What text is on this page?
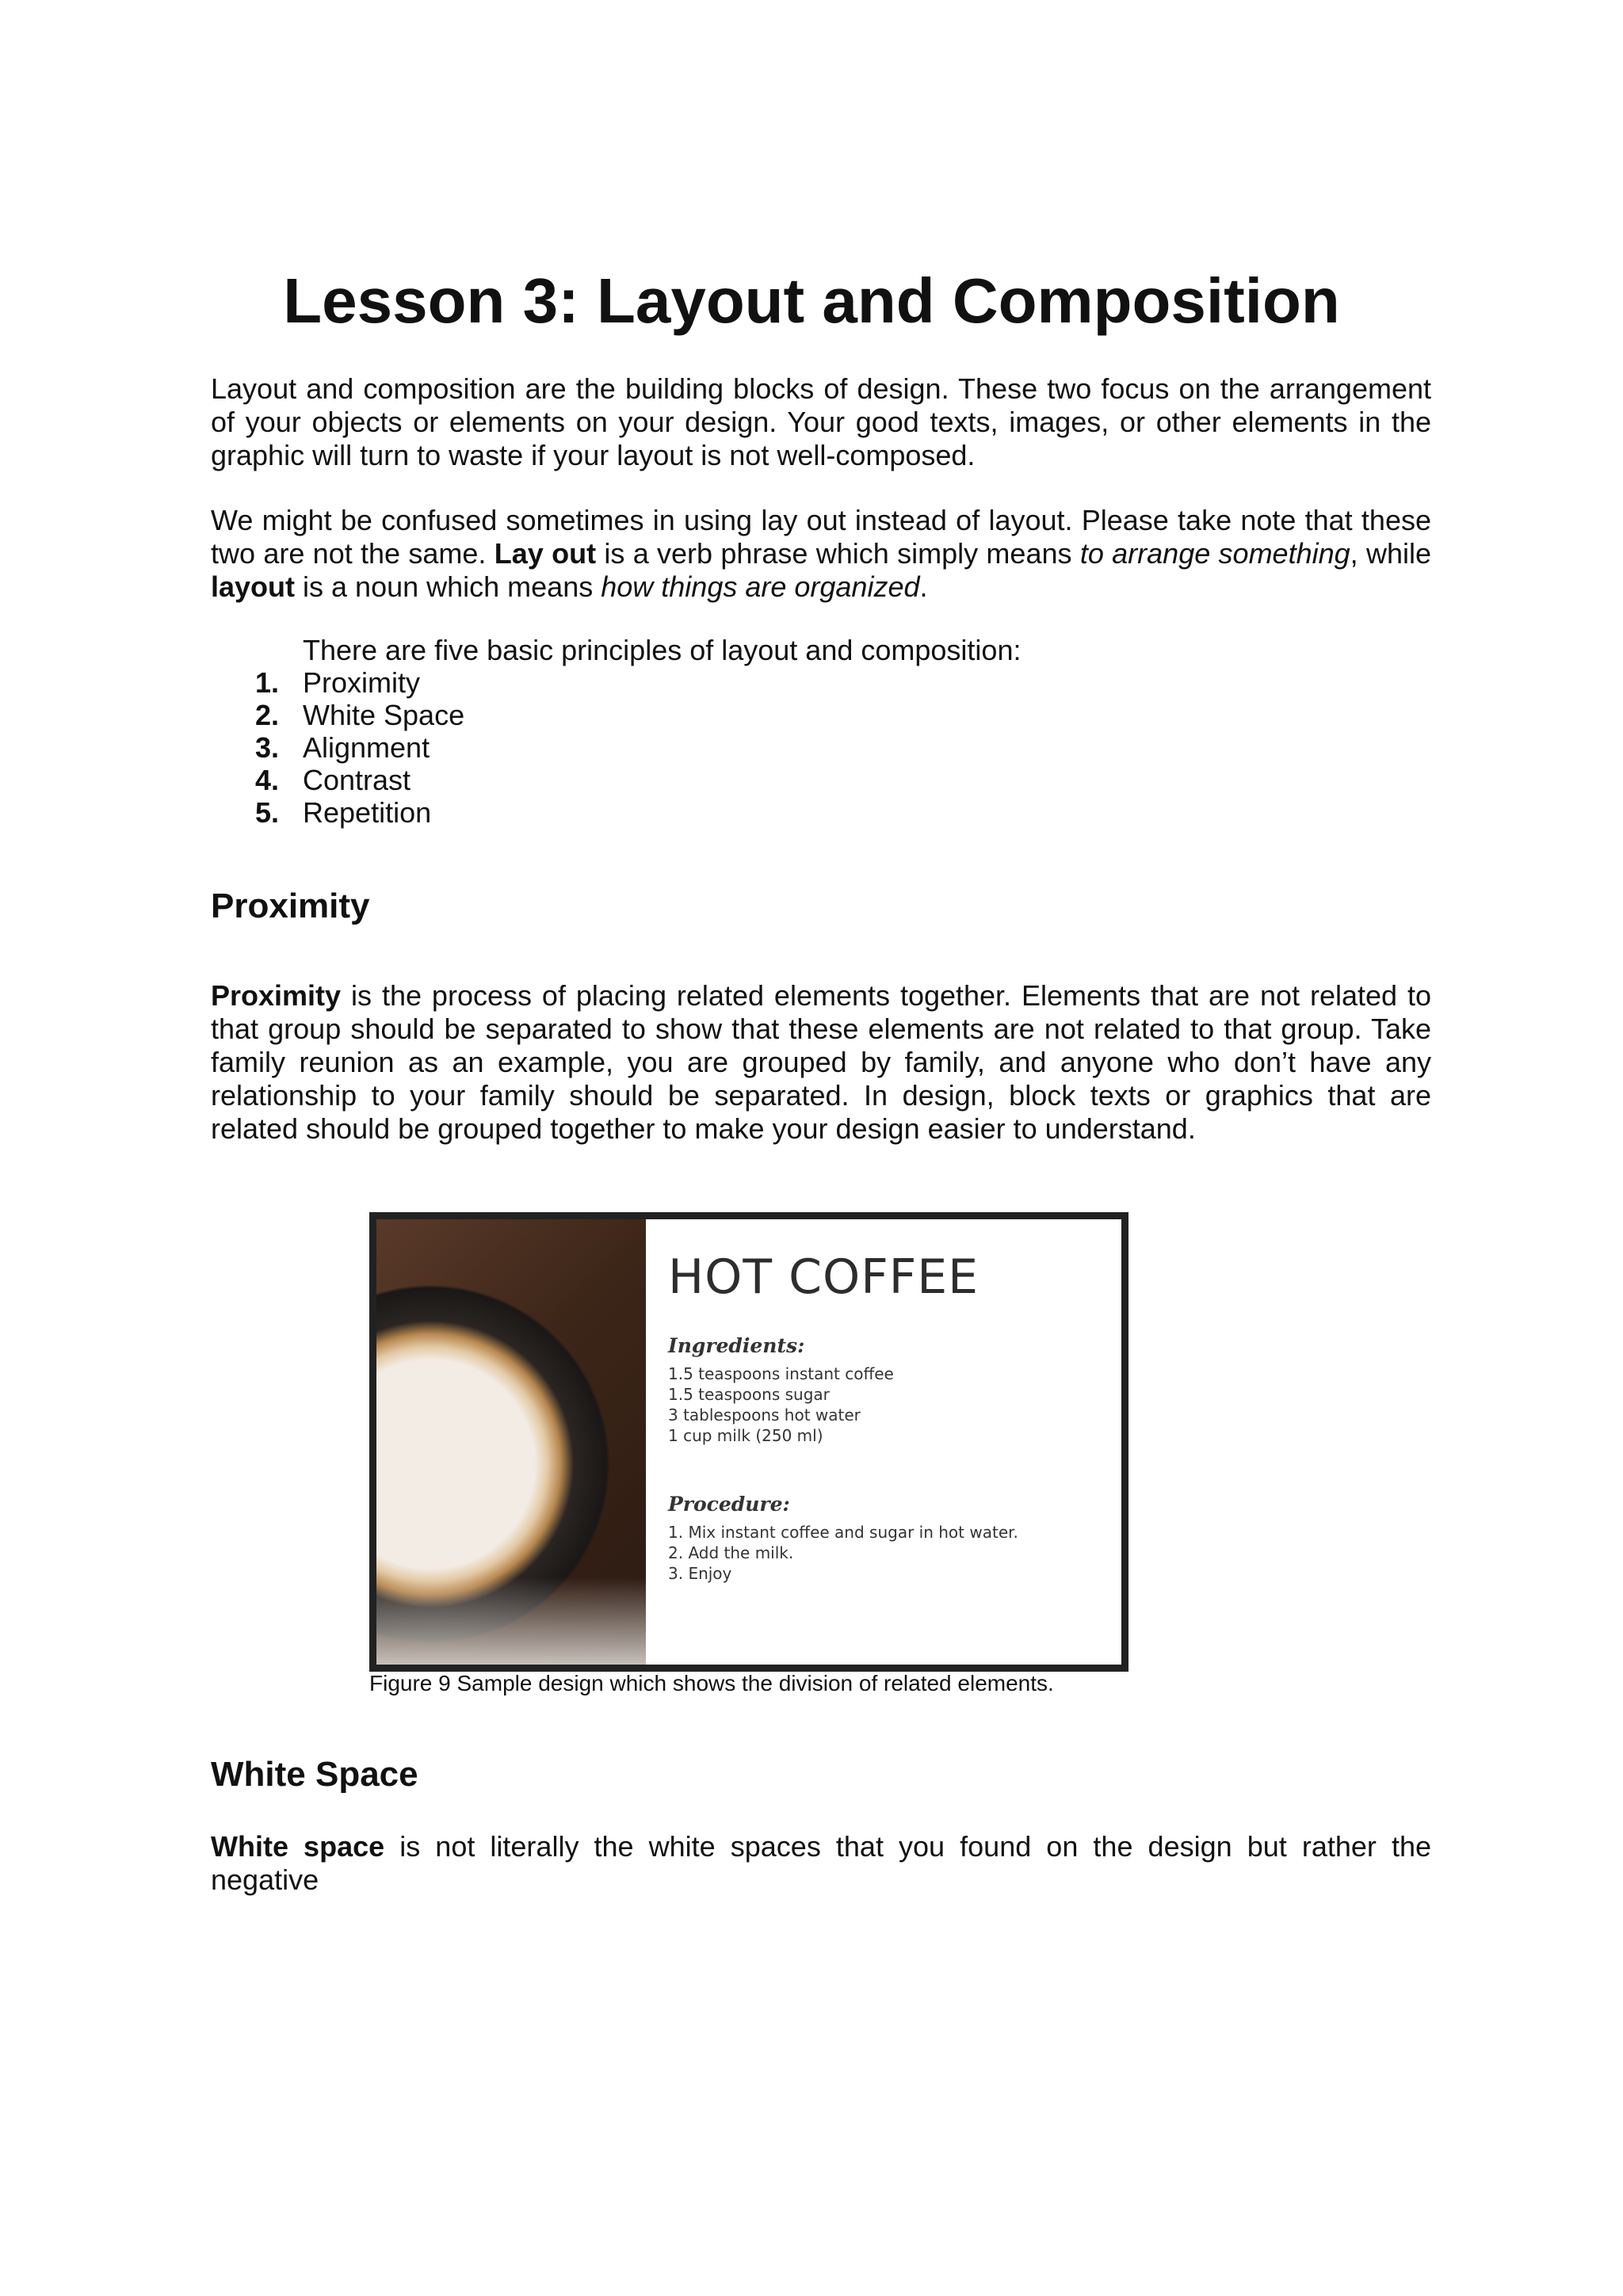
Lesson 3: Layout and Composition

Layout and composition are the building blocks of design. These two focus on the arrangement of your objects or elements on your design. Your good texts, images, or other elements in the graphic will turn to waste if your layout is not well-composed.

We might be confused sometimes in using lay out instead of layout. Please take note that these two are not the same. Lay out is a verb phrase which simply means to arrange something, while layout is a noun which means how things are organized.

There are five basic principles of layout and composition:
1. Proximity
2. White Space
3. Alignment
4. Contrast
5. Repetition
Proximity

Proximity is the process of placing related elements together. Elements that are not related to that group should be separated to show that these elements are not related to that group. Take family reunion as an example, you are grouped by family, and anyone who don’t have any relationship to your family should be separated. In design, block texts or graphics that are related should be grouped together to make your design easier to understand.

HOT COFFEE
Ingredients:
1.5 teaspoons instant coffee
1.5 teaspoons sugar
3 tablespoons hot water
1 cup milk (250 ml)
Procedure:
1. Mix instant coffee and sugar in hot water.
2. Add the milk.
3. Enjoy

Figure 9 Sample design which shows the division of related elements.

White Space

White space is not literally the white spaces that you found on the design but rather the negative
